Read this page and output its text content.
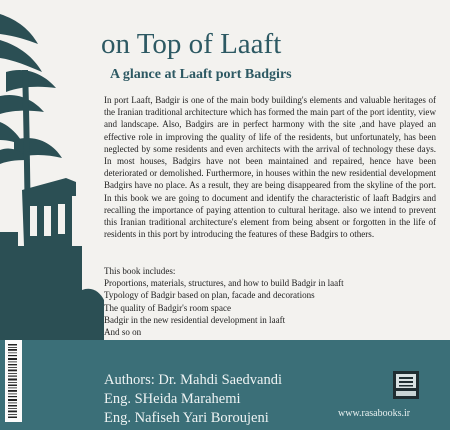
on Top of Laaft
A glance at Laaft port Badgirs

In port Laaft, Badgir is one of the main body building's elements and valuable heritages of the Iranian traditional architecture which has formed the main part of the port identity, view and landscape. Also, Badgirs are in perfect harmony with the site ,and have played an effective role in improving the quality of life of the residents, but unfortunately, has been neglected by some residents and even architects with the arrival of technology these days. In most houses, Badgirs have not been maintained and repaired, hence have been deteriorated or demolished. Furthermore, in houses within the new residential development Badgirs have no place. As a result, they are being disappeared from the skyline of the port. In this book we are going to document and identify the characteristic of laaft Badgirs and recalling the importance of paying attention to cultural heritage. also we intend to prevent this Iranian traditional architecture's element from being absent or forgotten in the life of residents in this port by introducing the features of these Badgirs to others.

This book includes:
Proportions, materials, structures, and how to build Badgir in laaft
Typology of Badgir based on plan, facade and decorations
The quality of Badgir's room space
Badgir in the new residential development in laaft
And so on
Authors: Dr. Mahdi Saedvandi
Eng. SHeida Marahemi
Eng. Nafiseh Yari Boroujeni	www.rasabooks.ir
